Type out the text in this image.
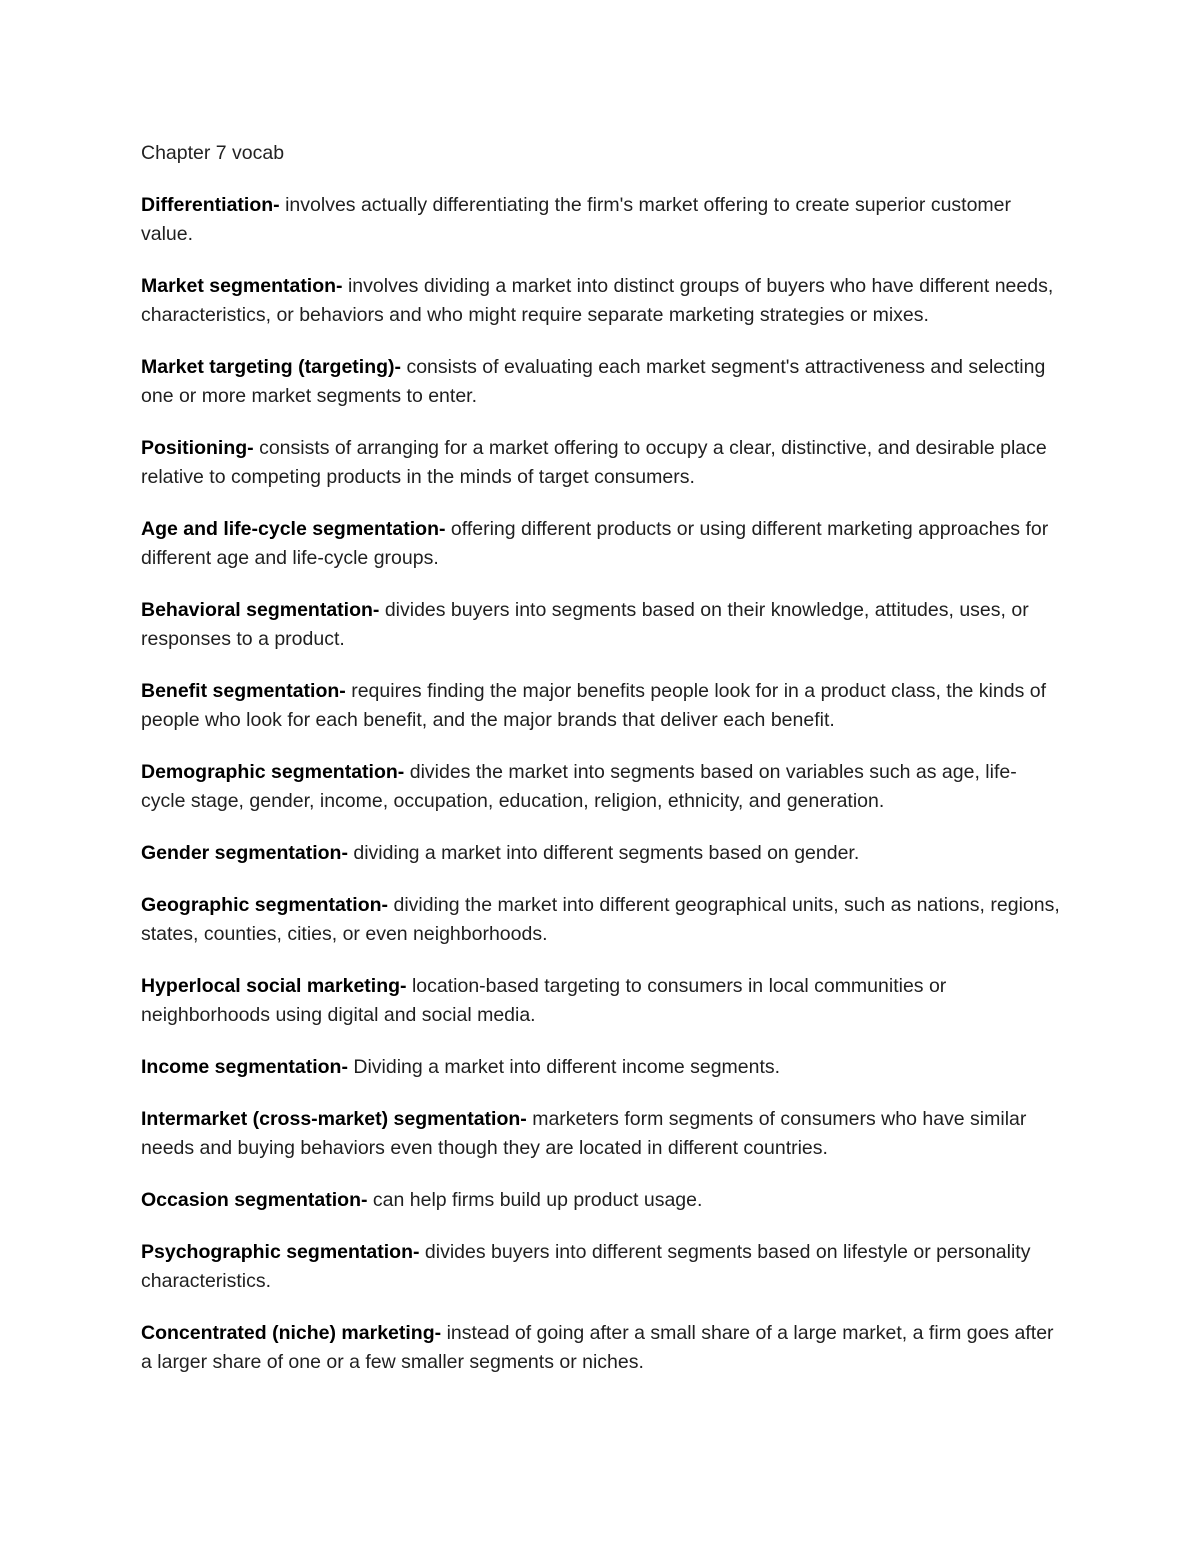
Chapter 7 vocab

Differentiation- involves actually differentiating the firm's market offering to create superior customer value.

Market segmentation- involves dividing a market into distinct groups of buyers who have different needs, characteristics, or behaviors and who might require separate marketing strategies or mixes.

Market targeting (targeting)- consists of evaluating each market segment's attractiveness and selecting one or more market segments to enter.

Positioning- consists of arranging for a market offering to occupy a clear, distinctive, and desirable place relative to competing products in the minds of target consumers.

Age and life-cycle segmentation- offering different products or using different marketing approaches for different age and life-cycle groups.

Behavioral segmentation- divides buyers into segments based on their knowledge, attitudes, uses, or responses to a product.

Benefit segmentation- requires finding the major benefits people look for in a product class, the kinds of people who look for each benefit, and the major brands that deliver each benefit.

Demographic segmentation- divides the market into segments based on variables such as age, life-cycle stage, gender, income, occupation, education, religion, ethnicity, and generation.

Gender segmentation- dividing a market into different segments based on gender.

Geographic segmentation- dividing the market into different geographical units, such as nations, regions, states, counties, cities, or even neighborhoods.

Hyperlocal social marketing- location-based targeting to consumers in local communities or neighborhoods using digital and social media.

Income segmentation- Dividing a market into different income segments.

Intermarket (cross-market) segmentation- marketers form segments of consumers who have similar needs and buying behaviors even though they are located in different countries.

Occasion segmentation- can help firms build up product usage.

Psychographic segmentation- divides buyers into different segments based on lifestyle or personality characteristics.

Concentrated (niche) marketing- instead of going after a small share of a large market, a firm goes after a larger share of one or a few smaller segments or niches.
